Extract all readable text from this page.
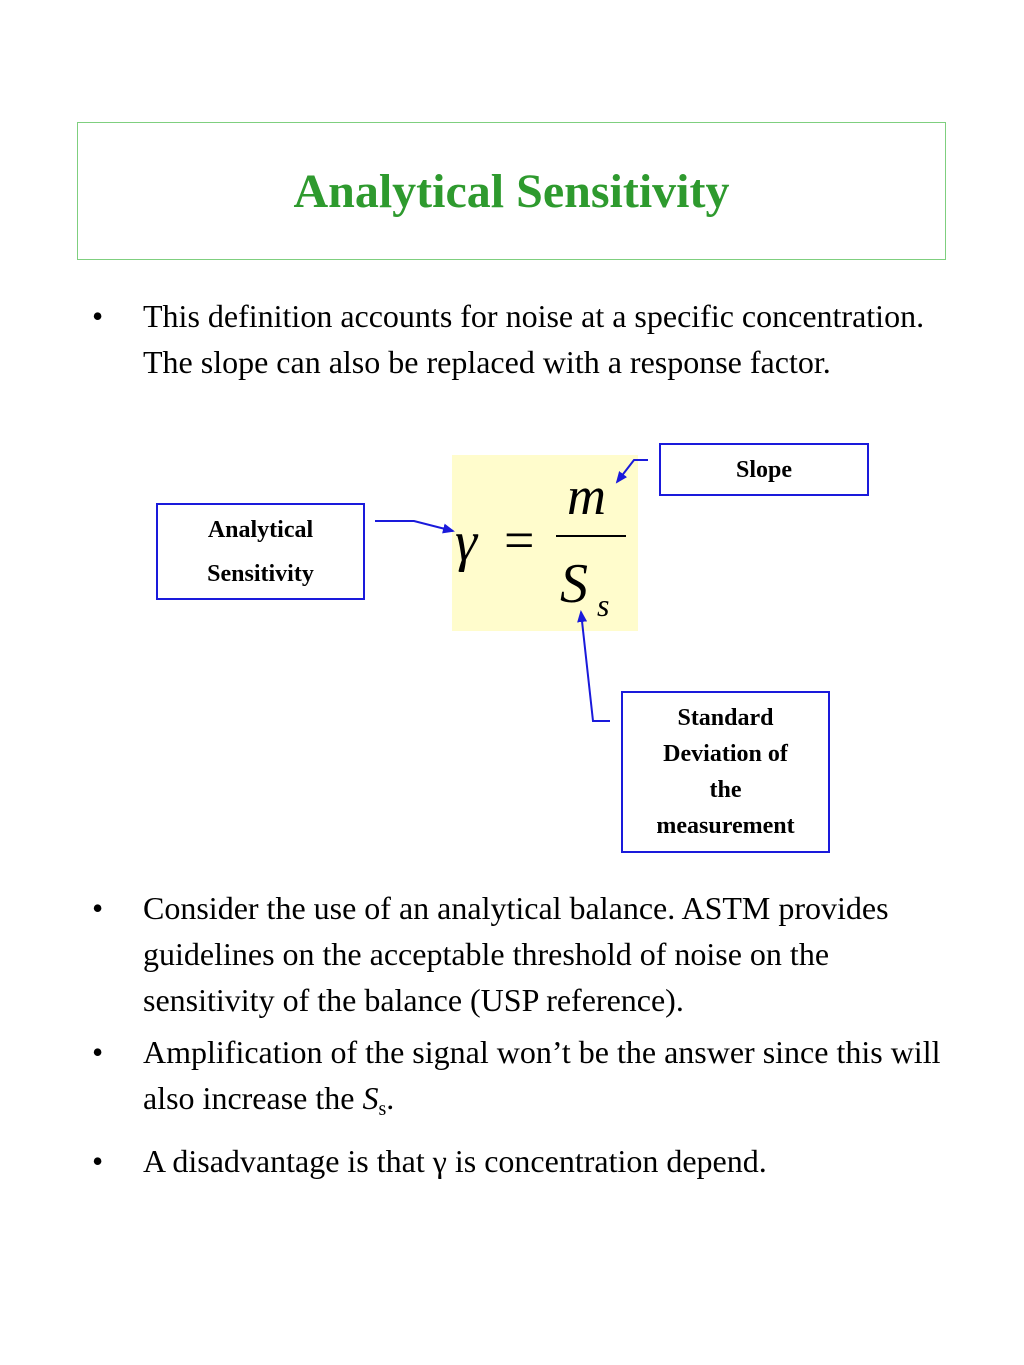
Analytical Sensitivity
• This definition accounts for noise at a specific concentration. The slope can also be replaced with a response factor.
γ =
m
S s
Slope
Analytical
Sensitivity
Standard
Deviation of
the
measurement
• Consider the use of an analytical balance. ASTM provides guidelines on the acceptable threshold of noise on the sensitivity of the balance (USP reference).
• Amplification of the signal won’t be the answer since this will also increase the $S_s$.
• A disadvantage is that γ is concentration depend.
